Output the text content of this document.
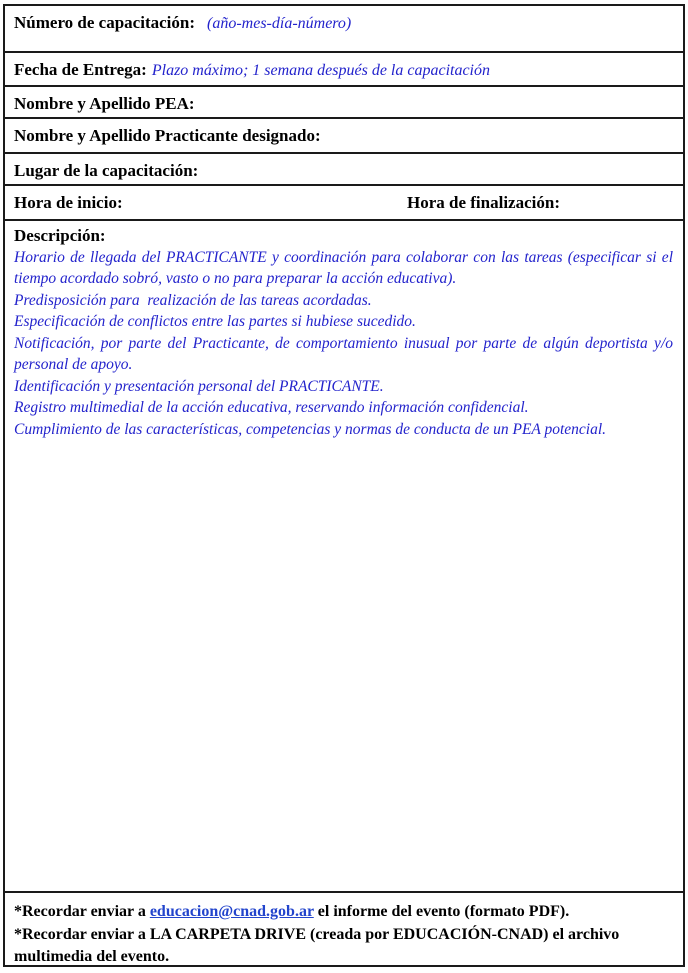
Número de capacitación: (año-mes-día-número)
Fecha de Entrega: Plazo máximo; 1 semana después de la capacitación
Nombre y Apellido PEA:
Nombre y Apellido Practicante designado:
Lugar de la capacitación:
Hora de inicio:	Hora de finalización:
Descripción:

Horario de llegada del PRACTICANTE y coordinación para colaborar con las tareas (especificar si el tiempo acordado sobró, vasto o no para preparar la acción educativa).

Predisposición para  realización de las tareas acordadas.

Especificación de conflictos entre las partes si hubiese sucedido.

Notificación, por parte del Practicante, de comportamiento inusual por parte de algún deportista y/o personal de apoyo.

Identificación y presentación personal del PRACTICANTE.

Registro multimedial de la acción educativa, reservando información confidencial.

Cumplimiento de las características, competencias y normas de conducta de un PEA potencial.

*Recordar enviar a educacion@cnad.gob.ar el informe del evento (formato PDF).

*Recordar enviar a LA CARPETA DRIVE (creada por EDUCACIÓN-CNAD) el archivo multimedia del evento.
